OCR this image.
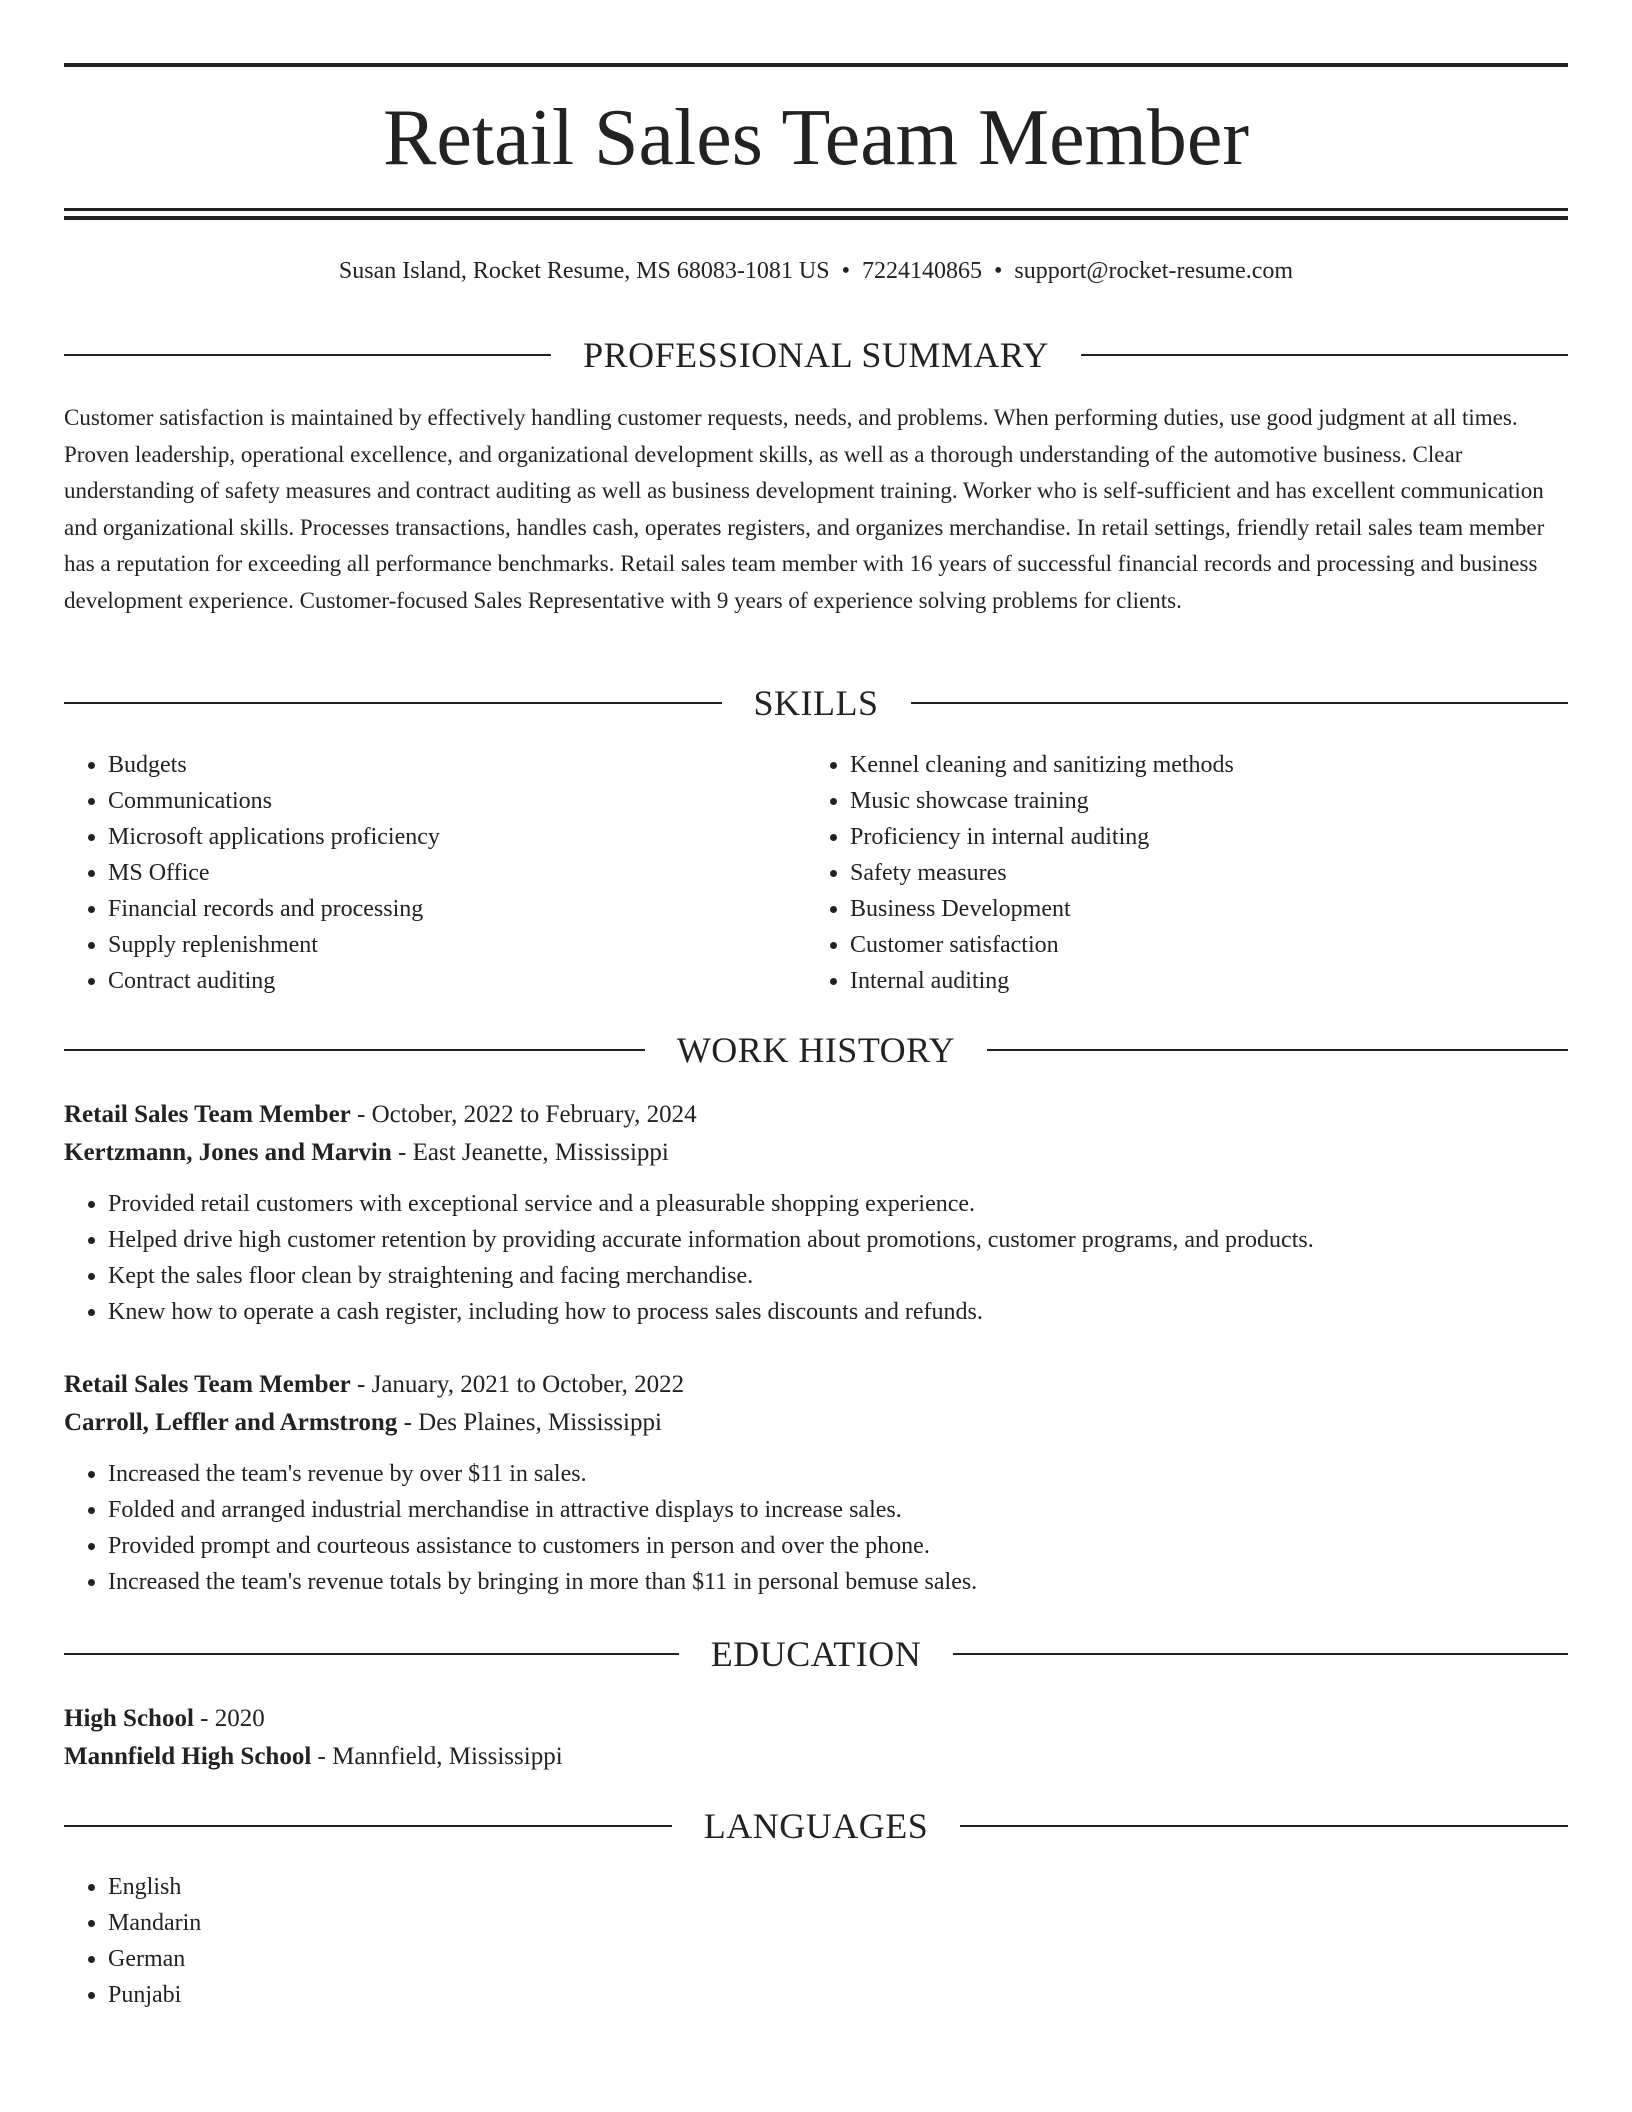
Retail Sales Team Member
Susan Island, Rocket Resume, MS 68083-1081 US • 7224140865 • support@rocket-resume.com
PROFESSIONAL SUMMARY

Customer satisfaction is maintained by effectively handling customer requests, needs, and problems. When performing duties, use good judgment at all times. Proven leadership, operational excellence, and organizational development skills, as well as a thorough understanding of the automotive business. Clear understanding of safety measures and contract auditing as well as business development training. Worker who is self-sufficient and has excellent communication and organizational skills. Processes transactions, handles cash, operates registers, and organizes merchandise. In retail settings, friendly retail sales team member has a reputation for exceeding all performance benchmarks. Retail sales team member with 16 years of successful financial records and processing and business development experience. Customer-focused Sales Representative with 9 years of experience solving problems for clients.

SKILLS
• Budgets
• Communications
• Microsoft applications proficiency
• MS Office
• Financial records and processing
• Supply replenishment
• Contract auditing
• Kennel cleaning and sanitizing methods
• Music showcase training
• Proficiency in internal auditing
• Safety measures
• Business Development
• Customer satisfaction
• Internal auditing
WORK HISTORY
Retail Sales Team Member - October, 2022 to February, 2024
Kertzmann, Jones and Marvin - East Jeanette, Mississippi
• Provided retail customers with exceptional service and a pleasurable shopping experience.
• Helped drive high customer retention by providing accurate information about promotions, customer programs, and products.
• Kept the sales floor clean by straightening and facing merchandise.
• Knew how to operate a cash register, including how to process sales discounts and refunds.
Retail Sales Team Member - January, 2021 to October, 2022
Carroll, Leffler and Armstrong - Des Plaines, Mississippi
• Increased the team's revenue by over $11 in sales.
• Folded and arranged industrial merchandise in attractive displays to increase sales.
• Provided prompt and courteous assistance to customers in person and over the phone.
• Increased the team's revenue totals by bringing in more than $11 in personal bemuse sales.
EDUCATION
High School - 2020
Mannfield High School - Mannfield, Mississippi
LANGUAGES
• English
• Mandarin
• German
• Punjabi
